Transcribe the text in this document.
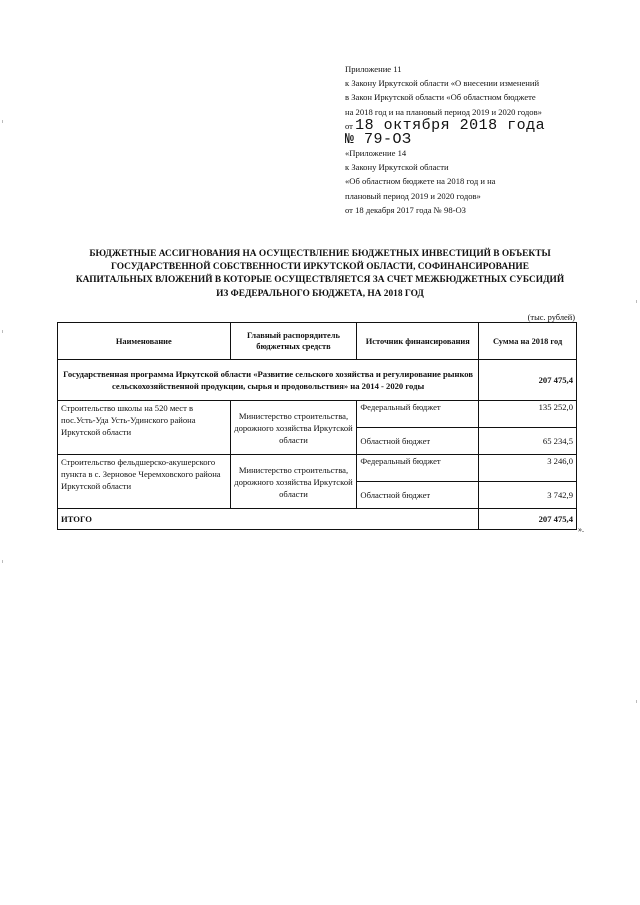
Приложение 11
к Закону Иркутской области «О внесении изменений
в Закон Иркутской области «Об областном бюджете
на 2018 год и на плановый период 2019 и 2020 годов»
от 18 октября 2018 года
№ 79-ОЗ
«Приложение 14
к Закону Иркутской области
«Об областном бюджете на 2018 год и на
плановый период 2019 и 2020 годов»
от 18 декабря 2017 года № 98-ОЗ
БЮДЖЕТНЫЕ АССИГНОВАНИЯ НА ОСУЩЕСТВЛЕНИЕ БЮДЖЕТНЫХ ИНВЕСТИЦИЙ В ОБЪЕКТЫ
ГОСУДАРСТВЕННОЙ СОБСТВЕННОСТИ ИРКУТСКОЙ ОБЛАСТИ, СОФИНАНСИРОВАНИЕ
КАПИТАЛЬНЫХ ВЛОЖЕНИЙ В КОТОРЫЕ ОСУЩЕСТВЛЯЕТСЯ ЗА СЧЕТ МЕЖБЮДЖЕТНЫХ СУБСИДИЙ
ИЗ ФЕДЕРАЛЬНОГО БЮДЖЕТА, НА 2018 ГОД
(тыс. рублей)
Наименование	Главный распорядитель бюджетных средств	Источник финансирования	Сумма на 2018 год
Государственная программа Иркутской области «Развитие сельского хозяйства и регулирование рынков сельскохозяйственной продукции, сырья и продовольствия» на 2014 - 2020 годы			207 475,4
Строительство школы на 520 мест в пос.Усть-Уда Усть-Удинского района Иркутской области	Министерство строительства, дорожного хозяйства Иркутской области	Федеральный бюджет	135 252,0
		Областной бюджет	65 234,5
Строительство фельдшерско-акушерского пункта в с. Зерновое Черемховского района Иркутской области	Министерство строительства, дорожного хозяйства Иркутской области	Федеральный бюджет	3 246,0
		Областной бюджет	3 742,9
ИТОГО			207 475,4
».
